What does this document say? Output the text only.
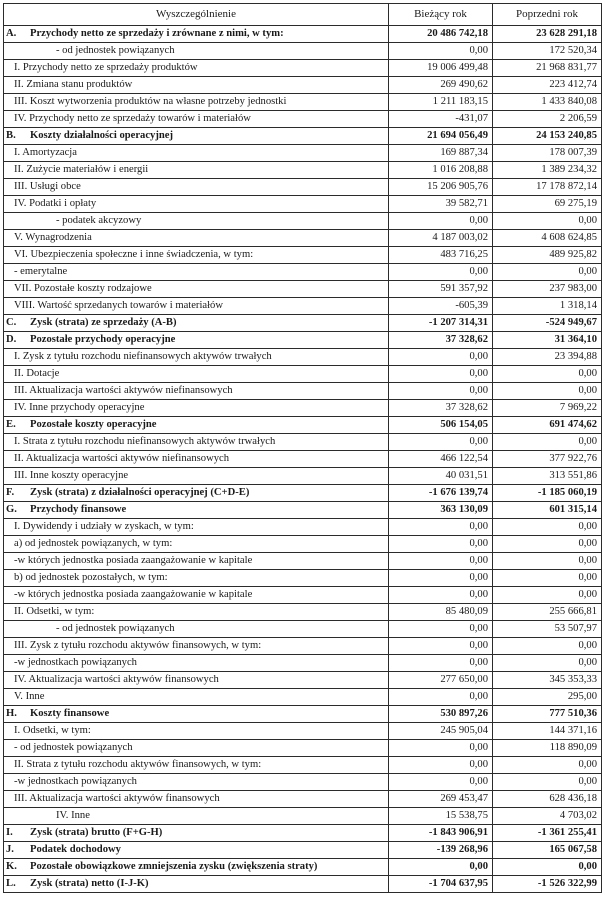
Wyszczególnienie	Bieżący rok	Poprzedni rok
A. Przychody netto ze sprzedaży i zrównane z nimi, w tym:	20 486 742,18	23 628 291,18
- od jednostek powiązanych	0,00	172 520,34
I. Przychody netto ze sprzedaży produktów	19 006 499,48	21 968 831,77
II. Zmiana stanu produktów	269 490,62	223 412,74
III. Koszt wytworzenia produktów na własne potrzeby jednostki	1 211 183,15	1 433 840,08
IV. Przychody netto ze sprzedaży towarów i materiałów	-431,07	2 206,59
B. Koszty działalności operacyjnej	21 694 056,49	24 153 240,85
I. Amortyzacja	169 887,34	178 007,39
II. Zużycie materiałów i energii	1 016 208,88	1 389 234,32
III. Usługi obce	15 206 905,76	17 178 872,14
IV. Podatki i opłaty	39 582,71	69 275,19
- podatek akcyzowy	0,00	0,00
V. Wynagrodzenia	4 187 003,02	4 608 624,85
VI. Ubezpieczenia społeczne i inne świadczenia, w tym:	483 716,25	489 925,82
- emerytalne	0,00	0,00
VII. Pozostałe koszty rodzajowe	591 357,92	237 983,00
VIII. Wartość sprzedanych towarów i materiałów	-605,39	1 318,14
C. Zysk (strata) ze sprzedaży (A-B)	-1 207 314,31	-524 949,67
D. Pozostałe przychody operacyjne	37 328,62	31 364,10
I. Zysk z tytułu rozchodu niefinansowych aktywów trwałych	0,00	23 394,88
II. Dotacje	0,00	0,00
III. Aktualizacja wartości aktywów niefinansowych	0,00	0,00
IV. Inne przychody operacyjne	37 328,62	7 969,22
E. Pozostałe koszty operacyjne	506 154,05	691 474,62
I. Strata z tytułu rozchodu niefinansowych aktywów trwałych	0,00	0,00
II. Aktualizacja wartości aktywów niefinansowych	466 122,54	377 922,76
III. Inne koszty operacyjne	40 031,51	313 551,86
F. Zysk (strata) z działalności operacyjnej (C+D-E)	-1 676 139,74	-1 185 060,19
G. Przychody finansowe	363 130,09	601 315,14
I. Dywidendy i udziały w zyskach, w tym:	0,00	0,00
a) od jednostek powiązanych, w tym:	0,00	0,00
-w których jednostka posiada zaangażowanie w kapitale	0,00	0,00
b) od jednostek pozostałych, w tym:	0,00	0,00
-w których jednostka posiada zaangażowanie w kapitale	0,00	0,00
II. Odsetki, w tym:	85 480,09	255 666,81
- od jednostek powiązanych	0,00	53 507,97
III. Zysk z tytułu rozchodu aktywów finansowych, w tym:	0,00	0,00
-w jednostkach powiązanych	0,00	0,00
IV. Aktualizacja wartości aktywów finansowych	277 650,00	345 353,33
V. Inne	0,00	295,00
H. Koszty finansowe	530 897,26	777 510,36
I. Odsetki, w tym:	245 905,04	144 371,16
- od jednostek powiązanych	0,00	118 890,09
II. Strata z tytułu rozchodu aktywów finansowych, w tym:	0,00	0,00
-w jednostkach powiązanych	0,00	0,00
III. Aktualizacja wartości aktywów finansowych	269 453,47	628 436,18
IV. Inne	15 538,75	4 703,02
I. Zysk (strata) brutto (F+G-H)	-1 843 906,91	-1 361 255,41
J. Podatek dochodowy	-139 268,96	165 067,58
K. Pozostałe obowiązkowe zmniejszenia zysku (zwiększenia straty)	0,00	0,00
L. Zysk (strata) netto (I-J-K)	-1 704 637,95	-1 526 322,99
